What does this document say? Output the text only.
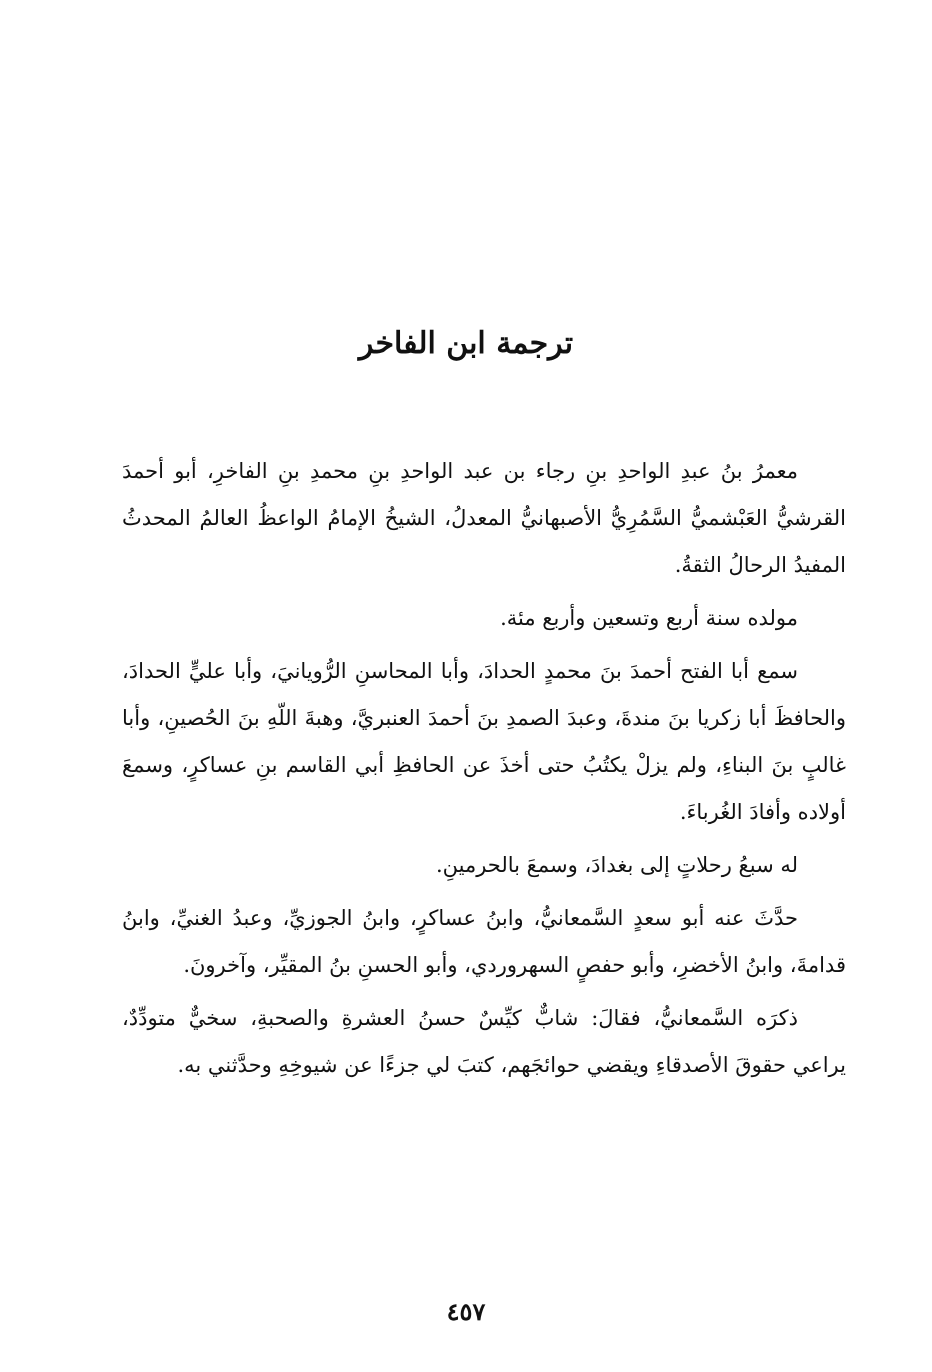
ترجمة ابن الفاخر

معمرُ بنُ عبدِ الواحدِ بنِ رجاء بن عبد الواحدِ بنِ محمدِ بنِ الفاخرِ، أبو أحمدَ القرشيُّ العَبْشميُّ السَّمُرِيُّ الأصبهانيُّ المعدلُ، الشيخُ الإمامُ الواعظُ العالمُ المحدثُ المفيدُ الرحالُ الثقةُ.

مولده سنة أربع وتسعين وأربع مئة.

سمع أبا الفتح أحمدَ بنَ محمدٍ الحدادَ، وأبا المحاسنِ الرُّويانيَ، وأبا عليٍّ الحدادَ، والحافظَ أبا زكريا بنَ مندةَ، وعبدَ الصمدِ بنَ أحمدَ العنبريَّ، وهبةَ اللّهِ بنَ الحُصينِ، وأبا غالبٍ بنَ البناءِ، ولم يزلْ يكتُبُ حتى أخذَ عن الحافظِ أبي القاسم بنِ عساكرٍ، وسمعَ أولاده وأفادَ الغُرباءَ.

له سبعُ رحلاتٍ إلى بغدادَ، وسمعَ بالحرمينِ.

حدَّثَ عنه أبو سعدٍ السَّمعانيُّ، وابنُ عساكرٍ، وابنُ الجوزيِّ، وعبدُ الغنيِّ، وابنُ قدامةَ، وابنُ الأخضرِ، وأبو حفصٍ السهروردي، وأبو الحسنِ بنُ المقيِّر، وآخرونَ.

ذكرَه السَّمعانيُّ، فقالَ: شابٌّ كيِّسٌ حسنُ العشرةِ والصحبةِ، سخيٌّ متودِّدٌ، يراعي حقوقَ الأصدقاءِ ويقضي حوائجَهم، كتبَ لي جزءًا عن شيوخِهِ وحدَّثني به.

٤٥٧
